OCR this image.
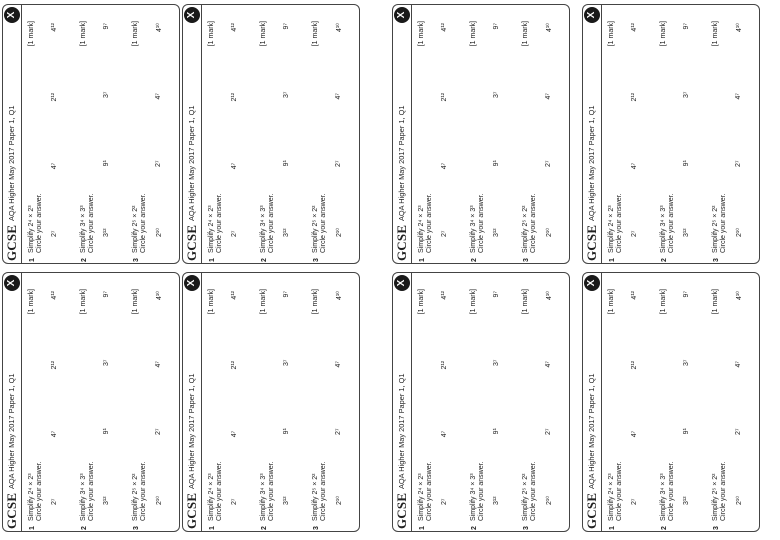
GCSE
AQA Higher May 2017 Paper 1, Q1
X
1
Simplify 2⁴ × 2³ Circle your answer.
[1 mark]
2⁷
4⁷
2¹²
4¹²
2
Simplify 3⁴ × 3³ Circle your answer.
[1 mark]
3¹²
9¹
3⁷
9⁷
3
Simplify 2⁵ × 2² Circle your answer.
[1 mark]
2¹⁰
2⁷
4⁷
4¹⁰
GCSE
AQA Higher May 2017 Paper 1, Q1
X
1
Simplify 2⁴ × 2³ Circle your answer.
[1 mark]
2⁷
4⁷
2¹²
4¹²
2
Simplify 3⁴ × 3³ Circle your answer.
[1 mark]
3¹²
9¹
3⁷
9⁷
3
Simplify 2⁵ × 2² Circle your answer.
[1 mark]
2¹⁰
2⁷
4⁷
4¹⁰
GCSE
AQA Higher May 2017 Paper 1, Q1
X
1
Simplify 2⁴ × 2³ Circle your answer.
[1 mark]
2⁷
4⁷
2¹²
4¹²
2
Simplify 3⁴ × 3³ Circle your answer.
[1 mark]
3¹²
9¹
3⁷
9⁷
3
Simplify 2⁵ × 2² Circle your answer.
[1 mark]
2¹⁰
2⁷
4⁷
4¹⁰
GCSE
AQA Higher May 2017 Paper 1, Q1
X
1
Simplify 2⁴ × 2³ Circle your answer.
[1 mark]
2⁷
4⁷
2¹²
4¹²
2
Simplify 3⁴ × 3³ Circle your answer.
[1 mark]
3¹²
9¹
3⁷
9⁷
3
Simplify 2⁵ × 2² Circle your answer.
[1 mark]
2¹⁰
2⁷
4⁷
4¹⁰
GCSE
AQA Higher May 2017 Paper 1, Q1
X
1
Simplify 2⁴ × 2³ Circle your answer.
[1 mark]
2⁷
4⁷
2¹²
4¹²
2
Simplify 3⁴ × 3³ Circle your answer.
[1 mark]
3¹²
9¹
3⁷
9⁷
3
Simplify 2⁵ × 2² Circle your answer.
[1 mark]
2¹⁰
2⁷
4⁷
4¹⁰
GCSE
AQA Higher May 2017 Paper 1, Q1
X
1
Simplify 2⁴ × 2³ Circle your answer.
[1 mark]
2⁷
4⁷
2¹²
4¹²
2
Simplify 3⁴ × 3³ Circle your answer.
[1 mark]
3¹²
9¹
3⁷
9⁷
3
Simplify 2⁵ × 2² Circle your answer.
[1 mark]
2¹⁰
2⁷
4⁷
4¹⁰
GCSE
AQA Higher May 2017 Paper 1, Q1
X
1
Simplify 2⁴ × 2³ Circle your answer.
[1 mark]
2⁷
4⁷
2¹²
4¹²
2
Simplify 3⁴ × 3³ Circle your answer.
[1 mark]
3¹²
9¹
3⁷
9⁷
3
Simplify 2⁵ × 2² Circle your answer.
[1 mark]
2¹⁰
2⁷
4⁷
4¹⁰
GCSE
AQA Higher May 2017 Paper 1, Q1
X
1
Simplify 2⁴ × 2³ Circle your answer.
[1 mark]
2⁷
4⁷
2¹²
4¹²
2
Simplify 3⁴ × 3³ Circle your answer.
[1 mark]
3¹²
9¹
3⁷
9⁷
3
Simplify 2⁵ × 2² Circle your answer.
[1 mark]
2¹⁰
2⁷
4⁷
4¹⁰
